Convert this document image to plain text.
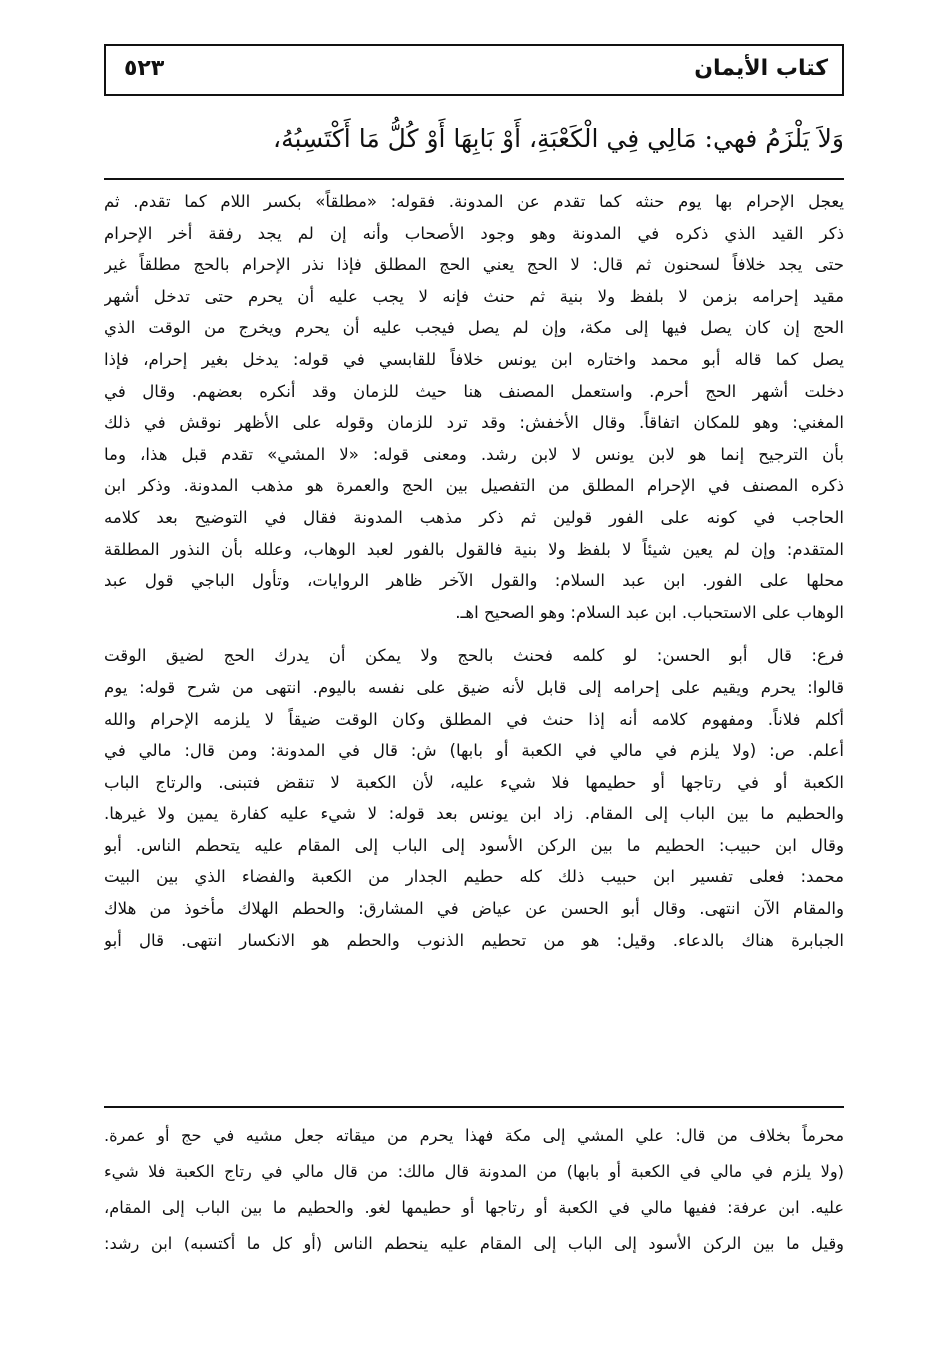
كتاب الأيمان
٥٢٣
وَلاَ يَلْزَمُ فهي: مَالِي فِي الْكَعْبَةِ، أَوْ بَابِهَا أَوْ كُلُّ مَا أَكْتَسِبُهُ،
يعجل الإحرام بها يوم حنثه كما تقدم عن المدونة. فقوله: «مطلقاً» بكسر اللام كما تقدم. ثم
ذكر القيد الذي ذكره في المدونة وهو وجود الأصحاب وأنه إن لم يجد رفقة أخر الإحرام
حتى يجد خلافاً لسحنون ثم قال: لا الحج يعني الحج المطلق فإذا نذر الإحرام بالحج مطلقاً غير
مقيد إحرامه بزمن لا بلفظ ولا بنية ثم حنث فإنه لا يجب عليه أن يحرم حتى تدخل أشهر
الحج إن كان يصل فيها إلى مكة، وإن لم يصل فيجب عليه أن يحرم ويخرج من الوقت الذي
يصل كما قاله أبو محمد واختاره ابن يونس خلافاً للقابسي في قوله: يدخل بغير إحرام، فإذا
دخلت أشهر الحج أحرم. واستعمل المصنف هنا حيث للزمان وقد أنكره بعضهم. وقال في
المغني: وهو للمكان اتفاقاً. وقال الأخفش: وقد ترد للزمان وقوله على الأظهر نوقش في ذلك
بأن الترجيح إنما هو لابن يونس لا لابن رشد. ومعنى قوله: «لا المشي» تقدم قبل هذا، وما
ذكره المصنف في الإحرام المطلق من التفصيل بين الحج والعمرة هو مذهب المدونة. وذكر ابن
الحاجب في كونه على الفور قولين ثم ذكر مذهب المدونة فقال في التوضيح بعد كلامه
المتقدم: وإن لم يعين شيئاً لا بلفظ ولا بنية فالقول بالفور لعبد الوهاب، وعلله بأن النذور المطلقة
محلها على الفور. ابن عبد السلام: والقول الآخر ظاهر الروايات، وتأول الباجي قول عبد
الوهاب على الاستحباب. ابن عبد السلام: وهو الصحيح اهـ.
فرع: قال أبو الحسن: لو كلمه فحنث بالحج ولا يمكن أن يدرك الحج لضيق الوقت
قالوا: يحرم ويقيم على إحرامه إلى قابل لأنه ضيق على نفسه باليوم. انتهى من شرح قوله: يوم
أكلم فلاناً. ومفهوم كلامه أنه إذا حنث في المطلق وكان الوقت ضيقاً لا يلزمه الإحرام والله
أعلم. ص: (ولا يلزم في مالي في الكعبة أو بابها) ش: قال في المدونة: ومن قال: مالي في
الكعبة أو في رتاجها أو حطيمها فلا شيء عليه، لأن الكعبة لا تنقض فتبنى. والرتاج الباب
والحطيم ما بين الباب إلى المقام. زاد ابن يونس بعد قوله: لا شيء عليه كفارة يمين ولا غيرها.
وقال ابن حبيب: الحطيم ما بين الركن الأسود إلى الباب إلى المقام عليه يتحطم الناس. أبو
محمد: فعلى تفسير ابن حبيب ذلك كله حطيم الجدار من الكعبة والفضاء الذي بين البيت
والمقام الآن انتهى. وقال أبو الحسن عن عياض في المشارق: والحطم الهلاك مأخوذ من هلاك
الجبابرة هناك بالدعاء. وقيل: هو من تحطيم الذنوب والحطم هو الانكسار انتهى. قال أبو
محرماً بخلاف من قال: علي المشي إلى مكة فهذا يحرم من ميقاته جعل مشيه في حج أو عمرة.
(ولا يلزم في مالي في الكعبة أو بابها) من المدونة قال مالك: من قال مالي في رتاج الكعبة فلا شيء
عليه. ابن عرفة: ففيها مالي في الكعبة أو رتاجها أو حطيمها لغو. والحطيم ما بين الباب إلى المقام،
وقيل ما بين الركن الأسود إلى الباب إلى المقام عليه ينحطم الناس (أو كل ما أكتسبه) ابن رشد:
